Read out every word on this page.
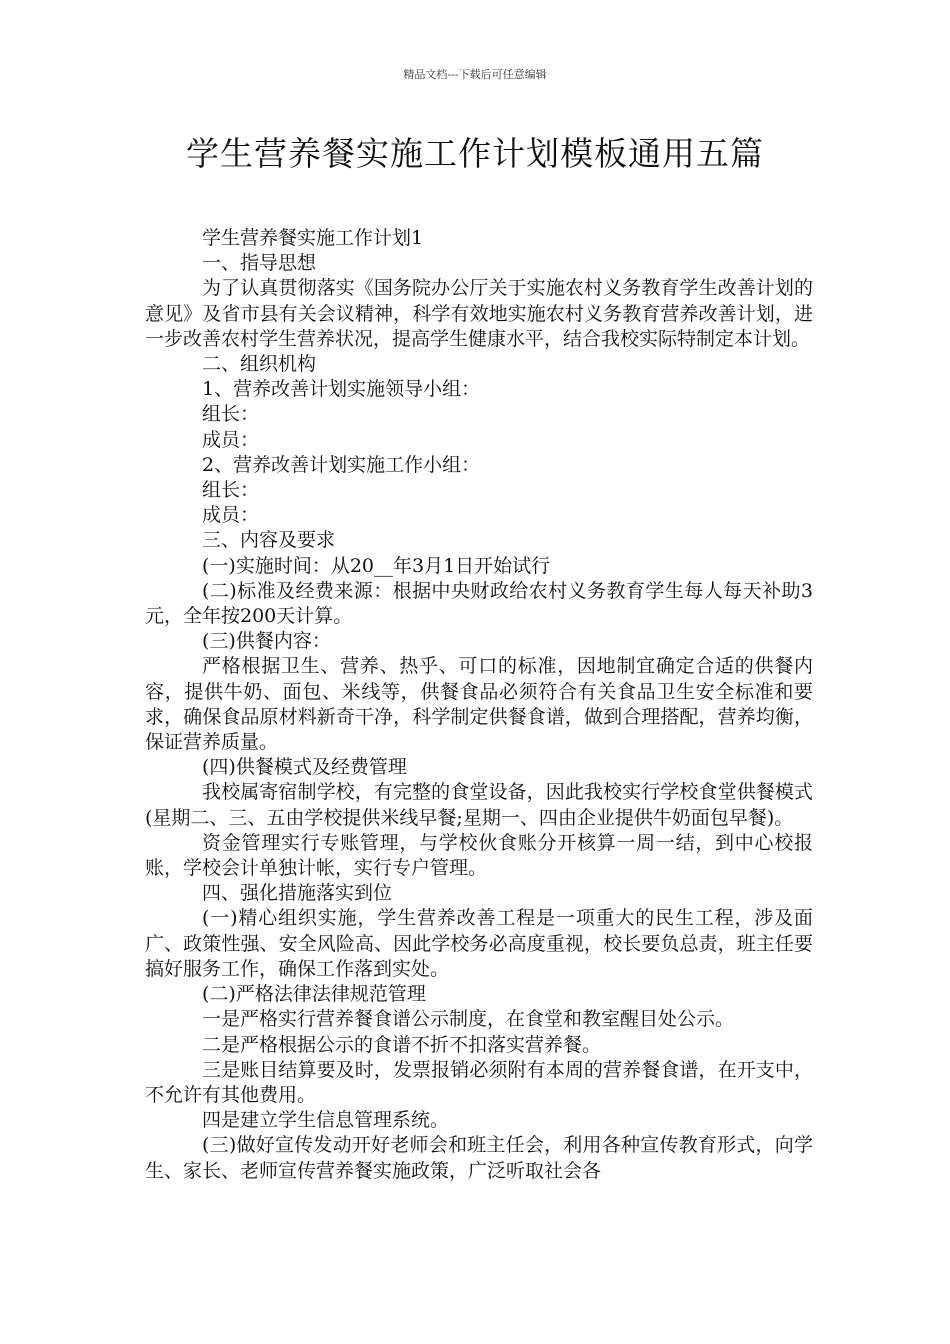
精品文档---下载后可任意编辑
学生营养餐实施工作计划模板通用五篇

学生营养餐实施工作计划1

一、指导思想

为了认真贯彻落实《国务院办公厅关于实施农村义务教育学生改善计划的意见》及省市县有关会议精神，科学有效地实施农村义务教育营养改善计划，进一步改善农村学生营养状况，提高学生健康水平，结合我校实际特制定本计划。

二、组织机构

1、营养改善计划实施领导小组：

组长：

成员：

2、营养改善计划实施工作小组：

组长：

成员：

三、内容及要求

(一)实施时间：从20__年3月1日开始试行

(二)标准及经费来源：根据中央财政给农村义务教育学生每人每天补助3元，全年按200天计算。

(三)供餐内容：

严格根据卫生、营养、热乎、可口的标准，因地制宜确定合适的供餐内容，提供牛奶、面包、米线等，供餐食品必须符合有关食品卫生安全标准和要求，确保食品原材料新奇干净，科学制定供餐食谱，做到合理搭配，营养均衡，保证营养质量。

(四)供餐模式及经费管理

我校属寄宿制学校，有完整的食堂设备，因此我校实行学校食堂供餐模式(星期二、三、五由学校提供米线早餐;星期一、四由企业提供牛奶面包早餐)。

资金管理实行专账管理，与学校伙食账分开核算一周一结，到中心校报账，学校会计单独计帐，实行专户管理。

四、强化措施落实到位

(一)精心组织实施，学生营养改善工程是一项重大的民生工程，涉及面广、政策性强、安全风险高、因此学校务必高度重视，校长要负总责，班主任要搞好服务工作，确保工作落到实处。

(二)严格法律法律规范管理

一是严格实行营养餐食谱公示制度，在食堂和教室醒目处公示。

二是严格根据公示的食谱不折不扣落实营养餐。

三是账目结算要及时，发票报销必须附有本周的营养餐食谱，在开支中，不允许有其他费用。

四是建立学生信息管理系统。

(三)做好宣传发动开好老师会和班主任会，利用各种宣传教育形式，向学生、家长、老师宣传营养餐实施政策，广泛听取社会各
